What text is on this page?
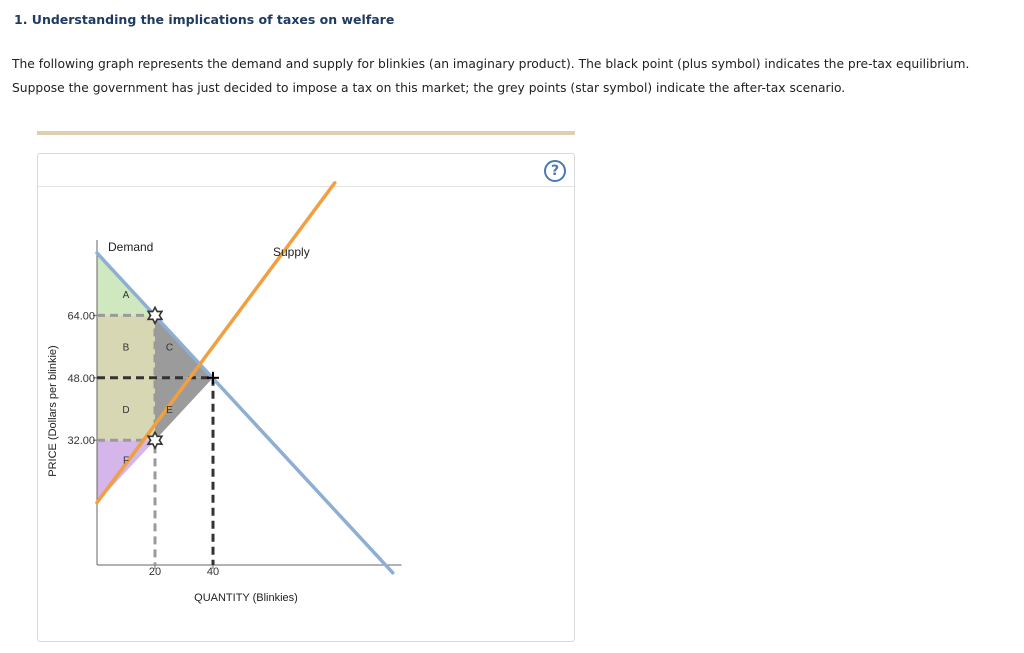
1. Understanding the implications of taxes on welfare
The following graph represents the demand and supply for blinkies (an imaginary product). The black point (plus symbol) indicates the pre-tax equilibrium. Suppose the government has just decided to impose a tax on this market; the grey points (star symbol) indicate the after-tax scenario.
?
Demand	Supply
A
B	C
D	E
F
64.00
48.00
32.00
20	40
QUANTITY (Blinkies)
PRICE (Dollars per blinkie)
